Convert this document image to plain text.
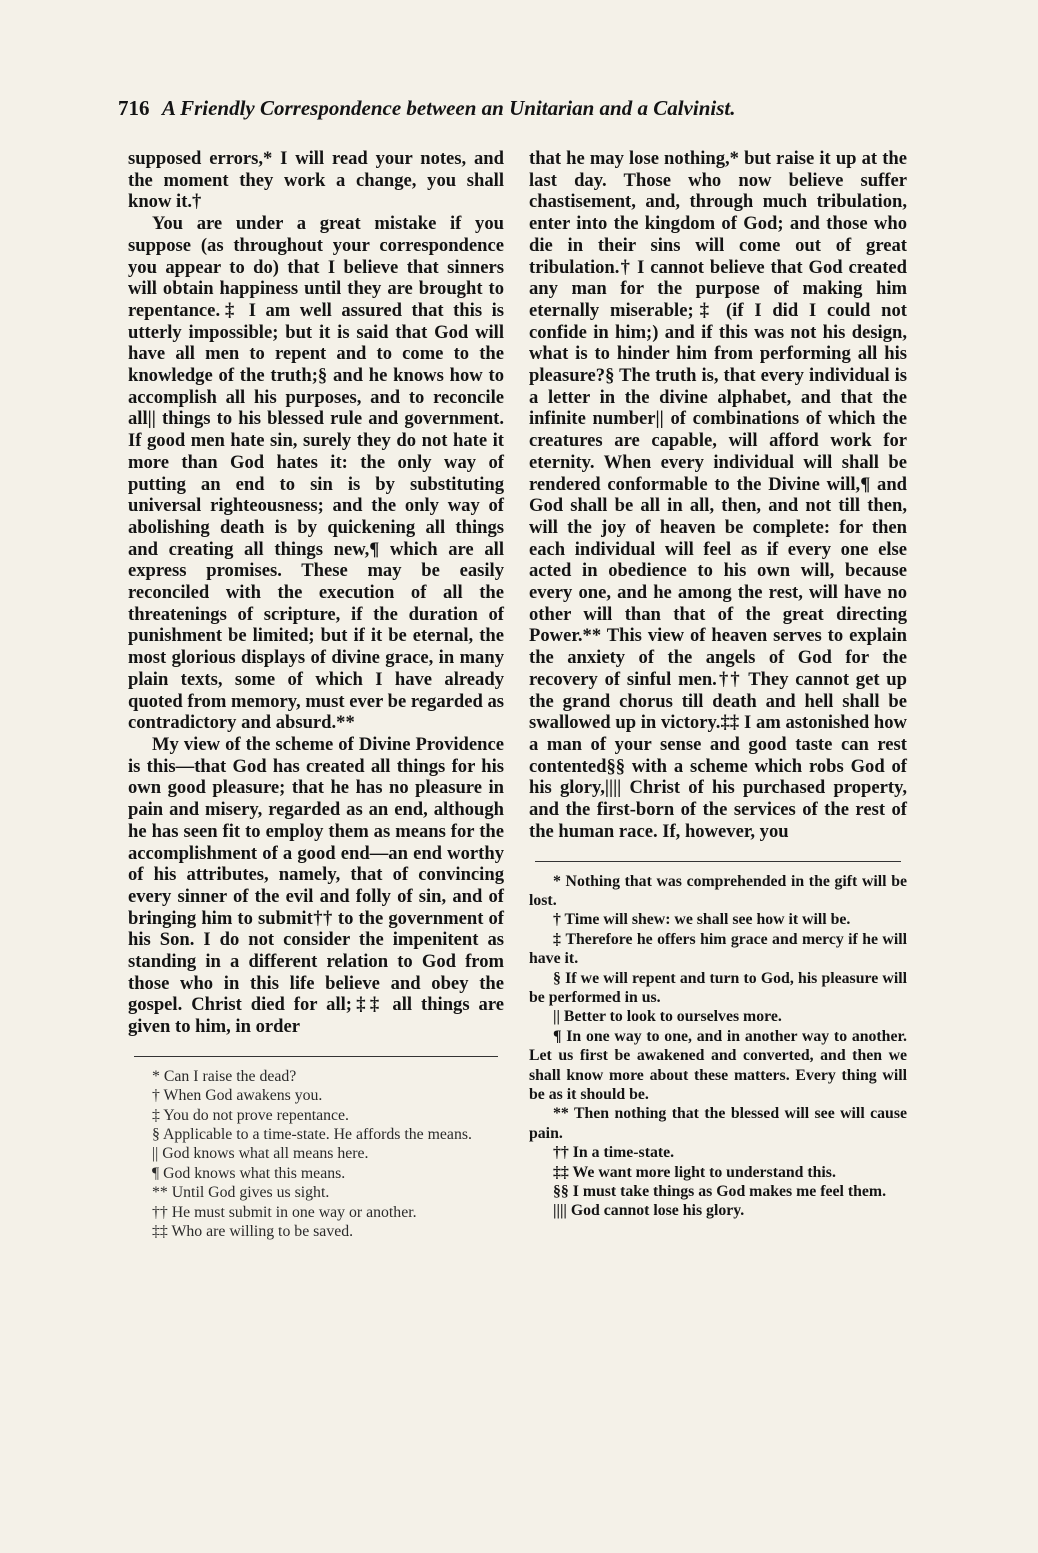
716 A Friendly Correspondence between an Unitarian and a Calvinist.

supposed errors,* I will read your notes, and the moment they work a change, you shall know it.†

You are under a great mistake if you suppose (as throughout your correspondence you appear to do) that I believe that sinners will obtain happiness until they are brought to repentance.‡ I am well assured that this is utterly impossible; but it is said that God will have all men to repent and to come to the knowledge of the truth;§ and he knows how to accomplish all his purposes, and to reconcile all|| things to his blessed rule and government. If good men hate sin, surely they do not hate it more than God hates it: the only way of putting an end to sin is by substituting universal righteousness; and the only way of abolishing death is by quickening all things and creating all things new,¶ which are all express promises. These may be easily reconciled with the execution of all the threatenings of scripture, if the duration of punishment be limited; but if it be eternal, the most glorious displays of divine grace, in many plain texts, some of which I have already quoted from memory, must ever be regarded as contradictory and absurd.**

My view of the scheme of Divine Providence is this—that God has created all things for his own good pleasure; that he has no pleasure in pain and misery, regarded as an end, although he has seen fit to employ them as means for the accomplishment of a good end—an end worthy of his attributes, namely, that of convincing every sinner of the evil and folly of sin, and of bringing him to submit†† to the government of his Son. I do not consider the impenitent as standing in a different relation to God from those who in this life believe and obey the gospel. Christ died for all;‡‡ all things are given to him, in order

* Can I raise the dead?

† When God awakens you.

‡ You do not prove repentance.

§ Applicable to a time-state. He affords the means.

|| God knows what all means here.

¶ God knows what this means.

** Until God gives us sight.

†† He must submit in one way or another.

‡‡ Who are willing to be saved.

that he may lose nothing,* but raise it up at the last day. Those who now believe suffer chastisement, and, through much tribulation, enter into the kingdom of God; and those who die in their sins will come out of great tribulation.† I cannot believe that God created any man for the purpose of making him eternally miserable;‡ (if I did I could not confide in him;) and if this was not his design, what is to hinder him from performing all his pleasure?§ The truth is, that every individual is a letter in the divine alphabet, and that the infinite number|| of combinations of which the creatures are capable, will afford work for eternity. When every individual will shall be rendered conformable to the Divine will,¶ and God shall be all in all, then, and not till then, will the joy of heaven be complete: for then each individual will feel as if every one else acted in obedience to his own will, because every one, and he among the rest, will have no other will than that of the great directing Power.** This view of heaven serves to explain the anxiety of the angels of God for the recovery of sinful men.†† They cannot get up the grand chorus till death and hell shall be swallowed up in victory.‡‡ I am astonished how a man of your sense and good taste can rest contented§§ with a scheme which robs God of his glory,|||| Christ of his purchased property, and the first-born of the services of the rest of the human race. If, however, you

* Nothing that was comprehended in the gift will be lost.

† Time will shew: we shall see how it will be.

‡ Therefore he offers him grace and mercy if he will have it.

§ If we will repent and turn to God, his pleasure will be performed in us.

|| Better to look to ourselves more.

¶ In one way to one, and in another way to another. Let us first be awakened and converted, and then we shall know more about these matters. Every thing will be as it should be.

** Then nothing that the blessed will see will cause pain.

†† In a time-state.

‡‡ We want more light to understand this.

§§ I must take things as God makes me feel them.

|||| God cannot lose his glory.
